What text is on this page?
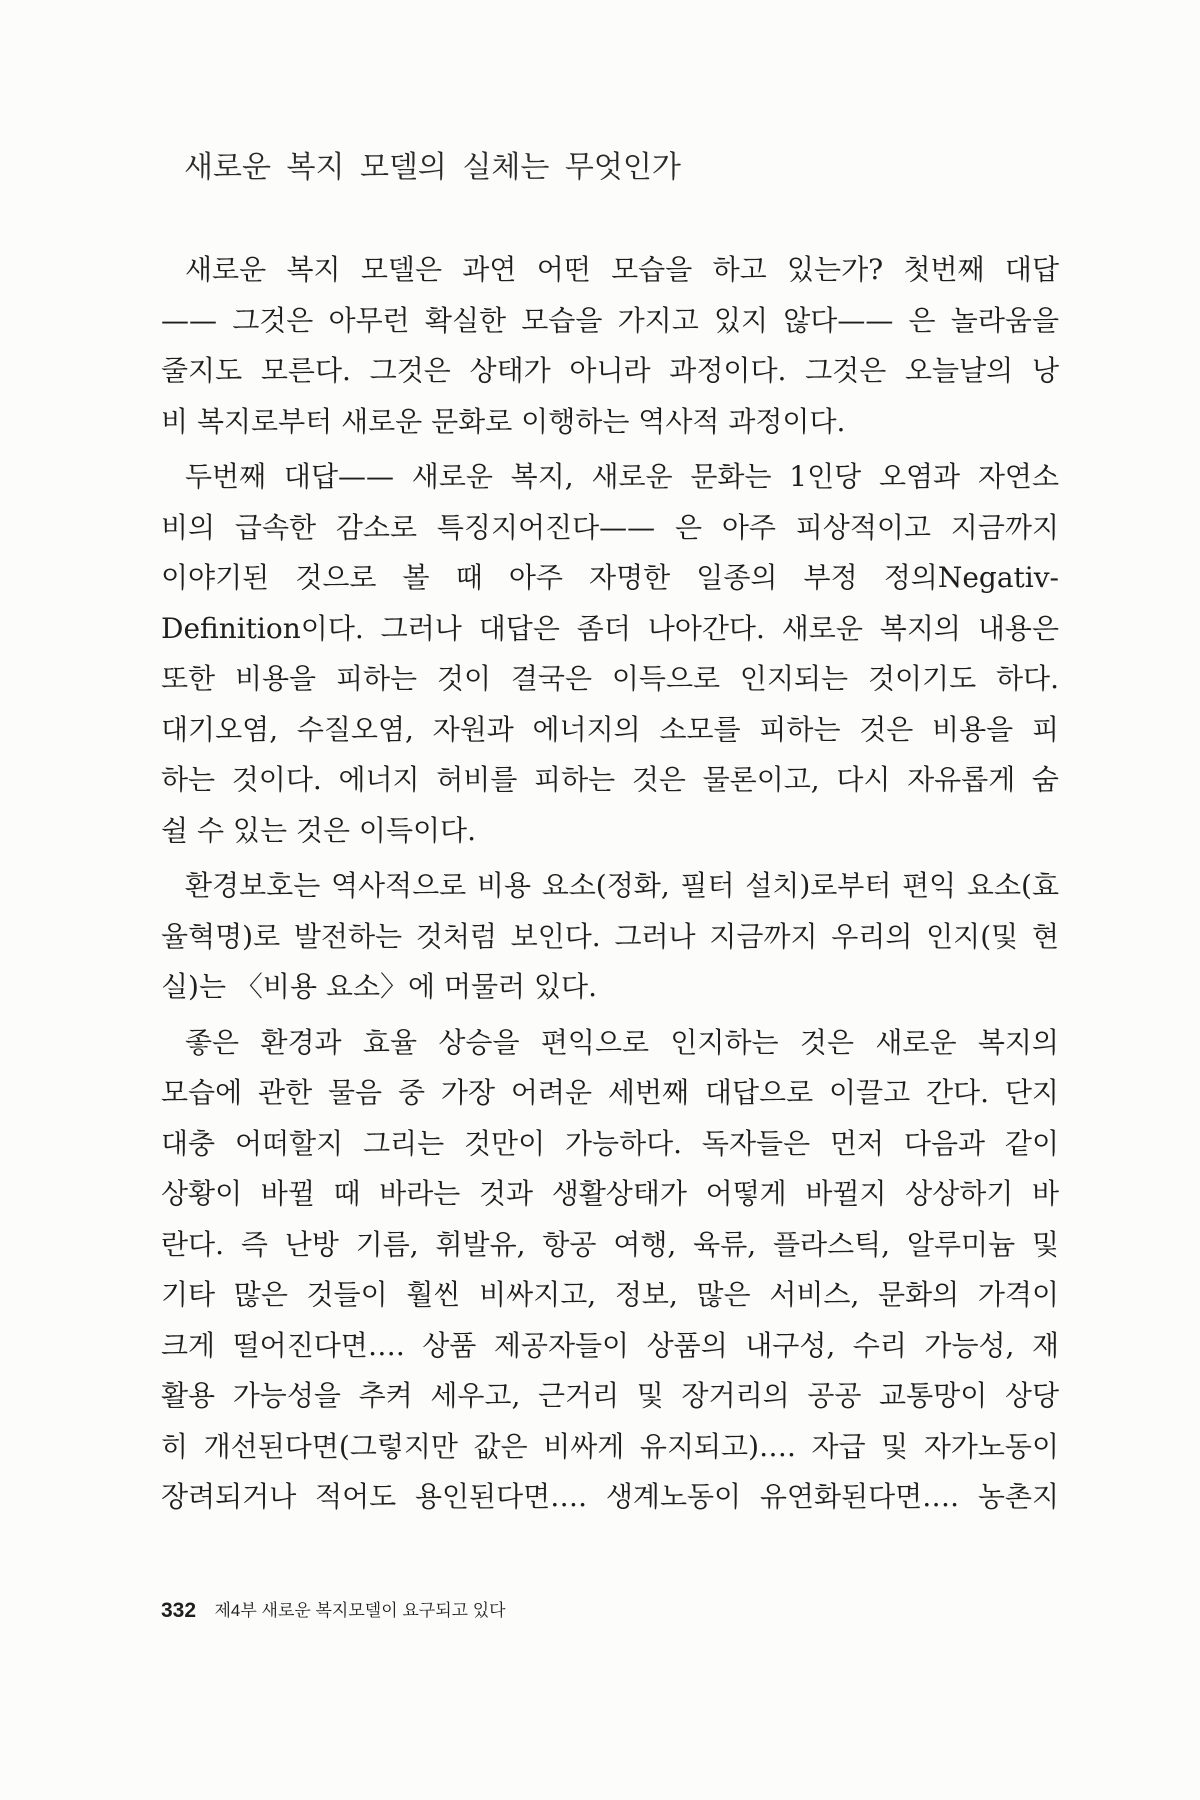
새로운 복지 모델의 실체는 무엇인가
새로운 복지 모델은 과연 어떤 모습을 하고 있는가? 첫번째 대답
—— 그것은 아무런 확실한 모습을 가지고 있지 않다—— 은 놀라움을
줄지도 모른다. 그것은 상태가 아니라 과정이다. 그것은 오늘날의 낭
비 복지로부터 새로운 문화로 이행하는 역사적 과정이다.
두번째 대답—— 새로운 복지, 새로운 문화는 1인당 오염과 자연소
비의 급속한 감소로 특징지어진다—— 은 아주 피상적이고 지금까지
이야기된 것으로 볼 때 아주 자명한 일종의 부정 정의Negativ-
Definition이다. 그러나 대답은 좀더 나아간다. 새로운 복지의 내용은
또한 비용을 피하는 것이 결국은 이득으로 인지되는 것이기도 하다.
대기오염, 수질오염, 자원과 에너지의 소모를 피하는 것은 비용을 피
하는 것이다. 에너지 허비를 피하는 것은 물론이고, 다시 자유롭게 숨
쉴 수 있는 것은 이득이다.
환경보호는 역사적으로 비용 요소(정화, 필터 설치)로부터 편익 요소(효
율혁명)로 발전하는 것처럼 보인다. 그러나 지금까지 우리의 인지(및 현
실)는 〈비용 요소〉에 머물러 있다.
좋은 환경과 효율 상승을 편익으로 인지하는 것은 새로운 복지의
모습에 관한 물음 중 가장 어려운 세번째 대답으로 이끌고 간다. 단지
대충 어떠할지 그리는 것만이 가능하다. 독자들은 먼저 다음과 같이
상황이 바뀔 때 바라는 것과 생활상태가 어떻게 바뀔지 상상하기 바
란다. 즉 난방 기름, 휘발유, 항공 여행, 육류, 플라스틱, 알루미늄 및
기타 많은 것들이 훨씬 비싸지고, 정보, 많은 서비스, 문화의 가격이
크게 떨어진다면…. 상품 제공자들이 상품의 내구성, 수리 가능성, 재
활용 가능성을 추켜 세우고, 근거리 및 장거리의 공공 교통망이 상당
히 개선된다면(그렇지만 값은 비싸게 유지되고)…. 자급 및 자가노동이
장려되거나 적어도 용인된다면…. 생계노동이 유연화된다면…. 농촌지
332 제4부 새로운 복지모델이 요구되고 있다
